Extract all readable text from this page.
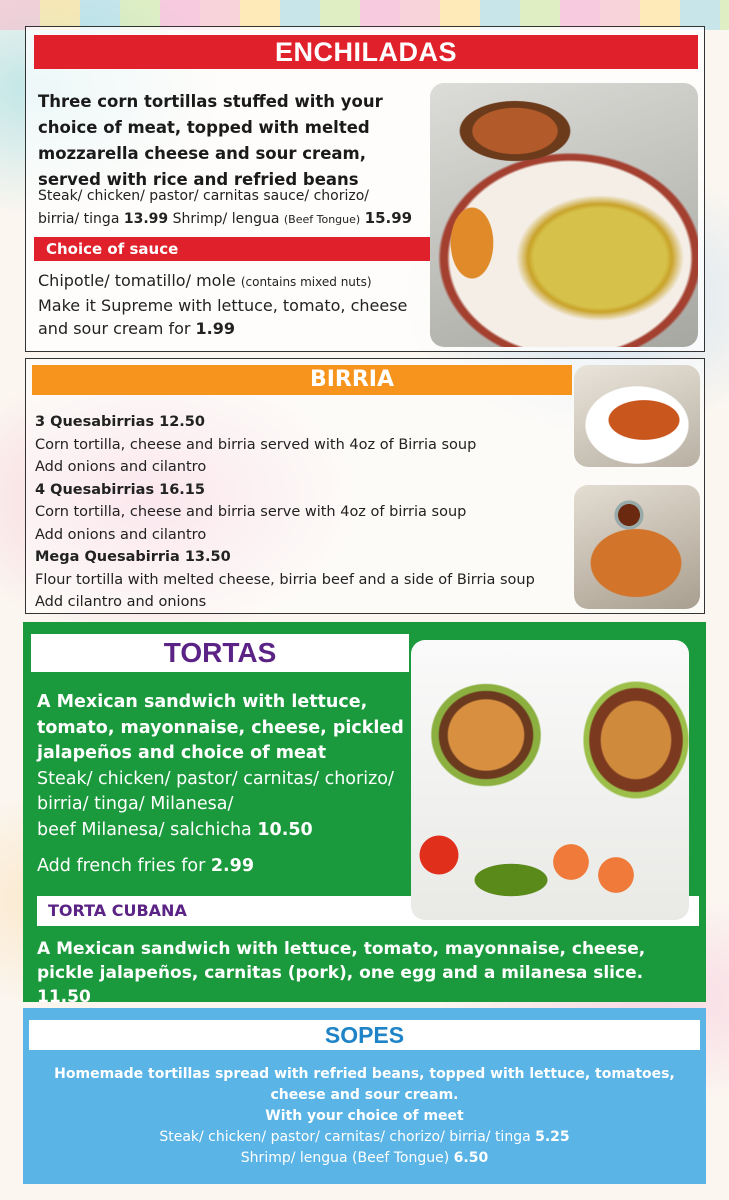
ENCHILADAS
Three corn tortillas stuffed with your choice of meat, topped with melted mozzarella cheese and sour cream, served with rice and refried beans
Steak/ chicken/ pastor/ carnitas sauce/ chorizo/
birria/ tinga 13.99 Shrimp/ lengua (Beef Tongue) 15.99
Choice of sauce
Chipotle/ tomatillo/ mole (contains mixed nuts)
Make it Supreme with lettuce, tomato, cheese and sour cream for 1.99
BIRRIA
3 Quesabirrias 12.50
Corn tortilla, cheese and birria served with 4oz of Birria soup
Add onions and cilantro
4 Quesabirrias 16.15
Corn tortilla, cheese and birria serve with 4oz of birria soup
Add onions and cilantro
Mega Quesabirria 13.50
Flour tortilla with melted cheese, birria beef and a side of Birria soup
Add cilantro and onions
TORTAS
A Mexican sandwich with lettuce, tomato, mayonnaise, cheese, pickled jalapeños and choice of meat
Steak/ chicken/ pastor/ carnitas/ chorizo/
birria/ tinga/ Milanesa/
beef Milanesa/ salchicha 10.50
Add french fries for 2.99
TORTA CUBANA
A Mexican sandwich with lettuce, tomato, mayonnaise, cheese, pickle jalapeños, carnitas (pork), one egg and a milanesa slice. 11.50
SOPES
Homemade tortillas spread with refried beans, topped with lettuce, tomatoes,
cheese and sour cream.
With your choice of meet
Steak/ chicken/ pastor/ carnitas/ chorizo/ birria/ tinga 5.25
Shrimp/ lengua (Beef Tongue) 6.50
